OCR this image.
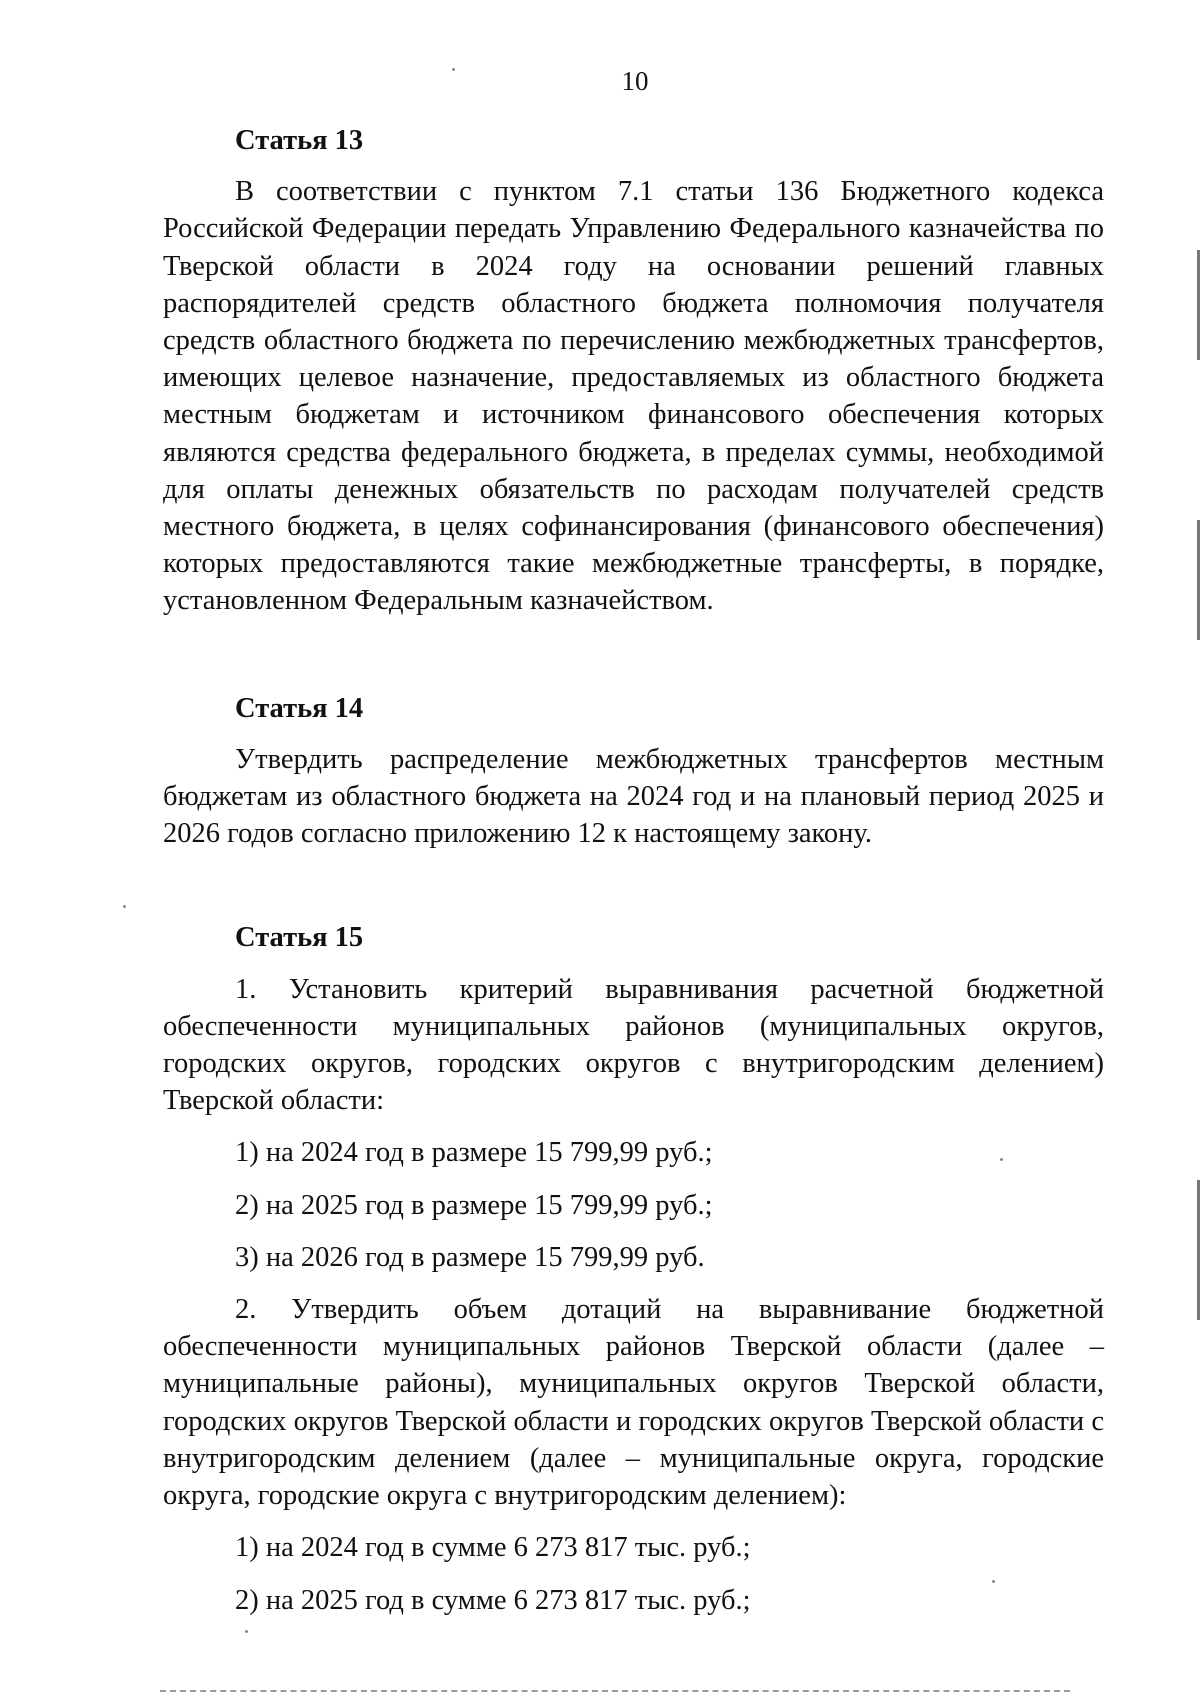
10
Статья 13

В соответствии с пунктом 7.1 статьи 136 Бюджетного кодекса Российской Федерации передать Управлению Федерального казначейства по Тверской области в 2024 году на основании решений главных распорядителей средств областного бюджета полномочия получателя средств областного бюджета по перечислению межбюджетных трансфертов, имеющих целевое назначение, предоставляемых из областного бюджета местным бюджетам и источником финансового обеспечения которых являются средства федерального бюджета, в пределах суммы, необходимой для оплаты денежных обязательств по расходам получателей средств местного бюджета, в целях софинансирования (финансового обеспечения) которых предоставляются такие межбюджетные трансферты, в порядке, установленном Федеральным казначейством.

Статья 14

Утвердить распределение межбюджетных трансфертов местным бюджетам из областного бюджета на 2024 год и на плановый период 2025 и 2026 годов согласно приложению 12 к настоящему закону.

Статья 15

1. Установить критерий выравнивания расчетной бюджетной обеспеченности муниципальных районов (муниципальных округов, городских округов, городских округов с внутригородским делением) Тверской области:

1) на 2024 год в размере 15 799,99 руб.;

2) на 2025 год в размере 15 799,99 руб.;

3) на 2026 год в размере 15 799,99 руб.

2. Утвердить объем дотаций на выравнивание бюджетной обеспеченности муниципальных районов Тверской области (далее – муниципальные районы), муниципальных округов Тверской области, городских округов Тверской области и городских округов Тверской области с внутригородским делением (далее – муниципальные округа, городские округа, городские округа с внутригородским делением):

1) на 2024 год в сумме 6 273 817 тыс. руб.;

2) на 2025 год в сумме 6 273 817 тыс. руб.;
